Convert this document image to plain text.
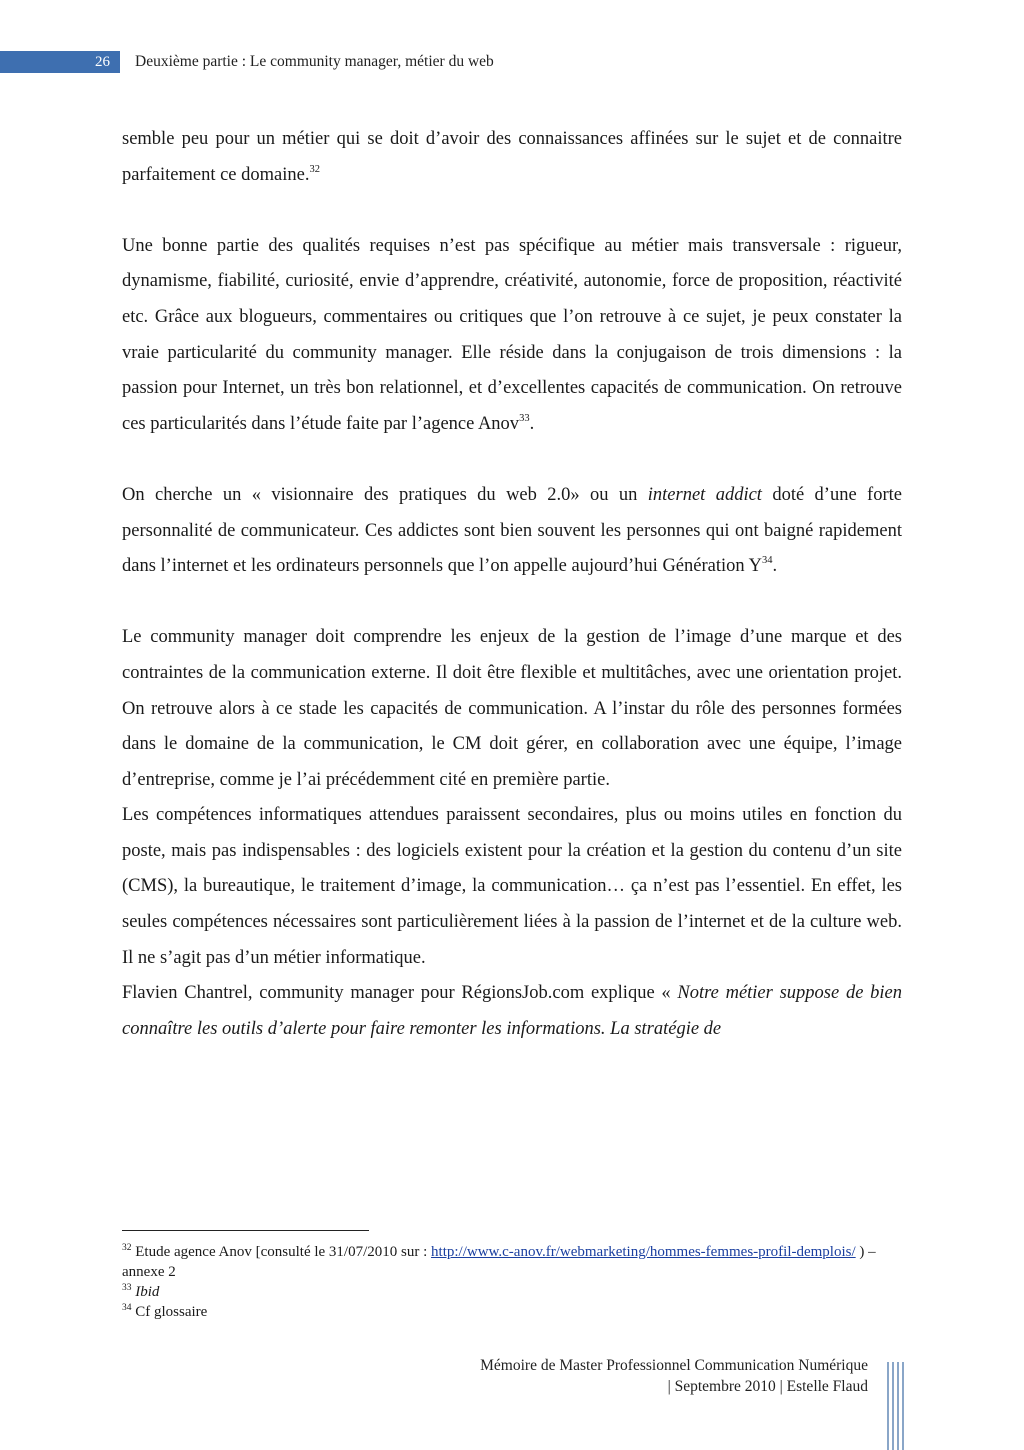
26 Deuxième partie : Le community manager, métier du web

semble peu pour un métier qui se doit d’avoir des connaissances affinées sur le sujet et de connaitre parfaitement ce domaine.$^{32}$

Une bonne partie des qualités requises n’est pas spécifique au métier mais transversale : rigueur, dynamisme, fiabilité, curiosité, envie d’apprendre, créativité, autonomie, force de proposition, réactivité etc. Grâce aux blogueurs, commentaires ou critiques que l’on retrouve à ce sujet, je peux constater la vraie particularité du community manager. Elle réside dans la conjugaison de trois dimensions : la passion pour Internet, un très bon relationnel, et d’excellentes capacités de communication. On retrouve ces particularités dans l’étude faite par l’agence Anov$^{33}$.

On cherche un « visionnaire des pratiques du web 2.0» ou un internet addict doté d’une forte personnalité de communicateur. Ces addictes sont bien souvent les personnes qui ont baigné rapidement dans l’internet et les ordinateurs personnels que l’on appelle aujourd’hui Génération $Y^{34}$.

Le community manager doit comprendre les enjeux de la gestion de l’image d’une marque et des contraintes de la communication externe. Il doit être flexible et multitâches, avec une orientation projet. On retrouve alors à ce stade les capacités de communication. A l’instar du rôle des personnes formées dans le domaine de la communication, le CM doit gérer, en collaboration avec une équipe, l’image d’entreprise, comme je l’ai précédemment cité en première partie.

Les compétences informatiques attendues paraissent secondaires, plus ou moins utiles en fonction du poste, mais pas indispensables : des logiciels existent pour la création et la gestion du contenu d’un site (CMS), la bureautique, le traitement d’image, la communication… ça n’est pas l’essentiel. En effet, les seules compétences nécessaires sont particulièrement liées à la passion de l’internet et de la culture web. Il ne s’agit pas d’un métier informatique.

Flavien Chantrel, community manager pour RégionsJob.com explique « Notre métier suppose de bien connaître les outils d’alerte pour faire remonter les informations. La stratégie de

$^{32}$ Etude agence Anov [consulté le 31/07/2010 sur : http://www.c-anov.fr/webmarketing/hommes-femmes-profil-demplois/ ) – annexe 2

$^{33}$ Ibid

$^{34}$ Cf glossaire

Mémoire de Master Professionnel Communication Numérique
| Septembre 2010 | Estelle Flaud
